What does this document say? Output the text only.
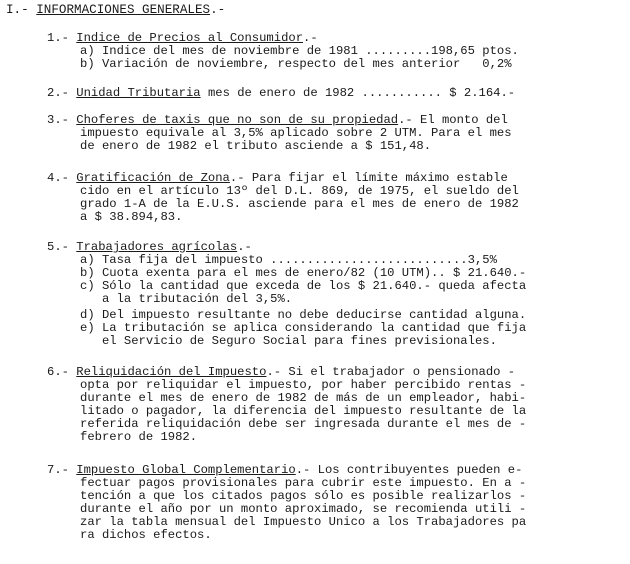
I.- INFORMACIONES GENERALES.-
1.- Indice de Precios al Consumidor.-
a) Indice del mes de noviembre de 1981 .........198,65 ptos.
b) Variación de noviembre, respecto del mes anterior   0,2%
2.- Unidad Tributaria mes de enero de 1982 ........... $ 2.164.-
3.- Choferes de taxis que no son de su propiedad.- El monto del
impuesto equivale al 3,5% aplicado sobre 2 UTM. Para el mes
de enero de 1982 el tributo asciende a $ 151,48.
4.- Gratificación de Zona.- Para fijar el límite máximo estable
cido en el artículo 13º del D.L. 869, de 1975, el sueldo del
grado 1-A de la E.U.S. asciende para el mes de enero de 1982
a $ 38.894,83.
5.- Trabajadores agrícolas.-
a) Tasa fija del impuesto ...........................3,5%
b) Cuota exenta para el mes de enero/82 (10 UTM).. $ 21.640.-
c) Sólo la cantidad que exceda de los $ 21.640.- queda afecta
a la tributación del 3,5%.
d) Del impuesto resultante no debe deducirse cantidad alguna.
e) La tributación se aplica considerando la cantidad que fija
el Servicio de Seguro Social para fines previsionales.
6.- Reliquidación del Impuesto.- Si el trabajador o pensionado -
opta por reliquidar el impuesto, por haber percibido rentas -
durante el mes de enero de 1982 de más de un empleador, habi-
litado o pagador, la diferencia del impuesto resultante de la
referida reliquidación debe ser ingresada durante el mes de -
febrero de 1982.
7.- Impuesto Global Complementario.- Los contribuyentes pueden e-
fectuar pagos provisionales para cubrir este impuesto. En a -
tención a que los citados pagos sólo es posible realizarlos -
durante el año por un monto aproximado, se recomienda utili -
zar la tabla mensual del Impuesto Unico a los Trabajadores pa
ra dichos efectos.
